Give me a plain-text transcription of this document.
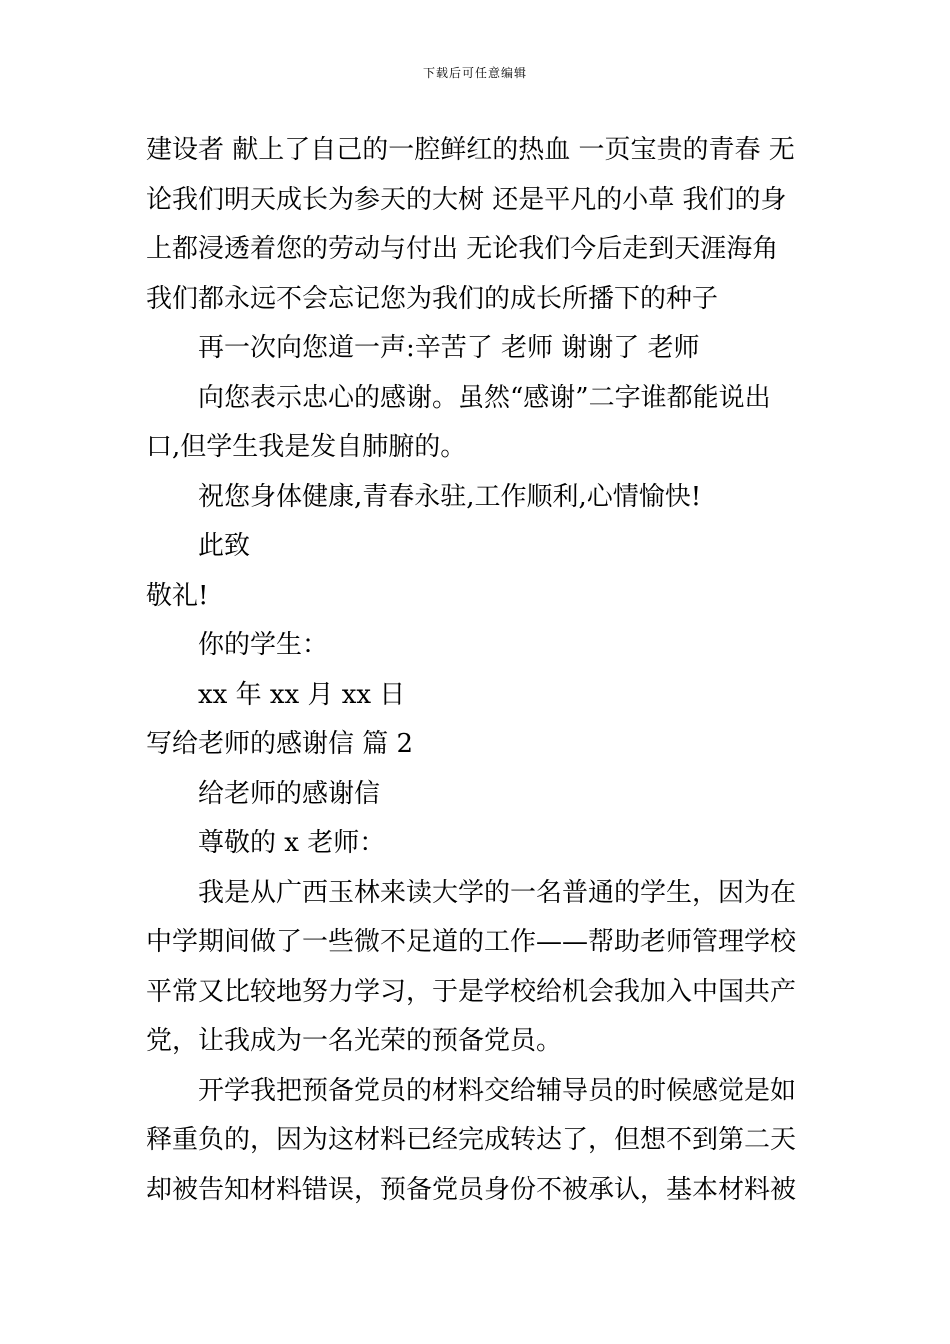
下载后可任意编辑
建设者 献上了自己的一腔鲜红的热血 一页宝贵的青春 无
论我们明天成长为参天的大树 还是平凡的小草 我们的身
上都浸透着您的劳动与付出 无论我们今后走到天涯海角
我们都永远不会忘记您为我们的成长所播下的种子
再一次向您道一声:辛苦了 老师 谢谢了 老师
向您表示忠心的感谢。虽然“感谢”二字谁都能说出
口,但学生我是发自肺腑的。
祝您身体健康,青春永驻,工作顺利,心情愉快!
此致
敬礼!
你的学生：
xx 年 xx 月 xx 日
写给老师的感谢信 篇 2
给老师的感谢信
尊敬的 x 老师：
我是从广西玉林来读大学的一名普通的学生，因为在
中学期间做了一些微不足道的工作——帮助老师管理学校
平常又比较地努力学习，于是学校给机会我加入中国共产
党，让我成为一名光荣的预备党员。
开学我把预备党员的材料交给辅导员的时候感觉是如
释重负的，因为这材料已经完成转达了，但想不到第二天
却被告知材料错误，预备党员身份不被承认，基本材料被
